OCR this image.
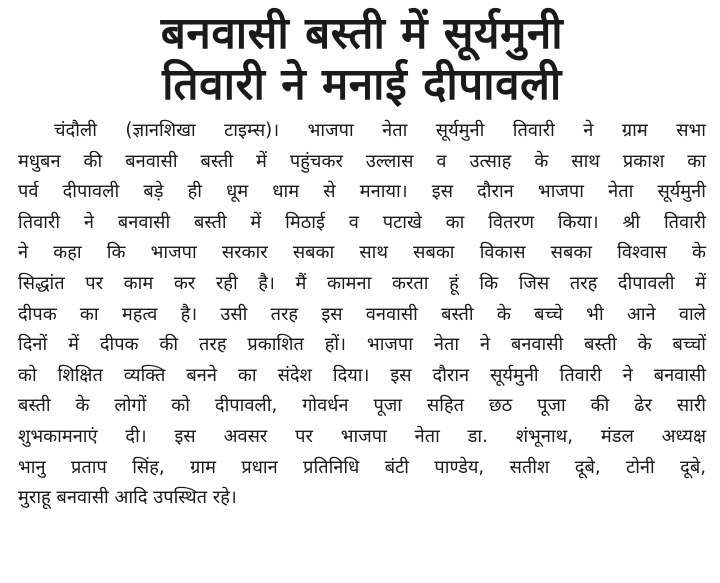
बनवासी बस्ती में सूर्यमुनी
तिवारी ने मनाई दीपावली
चंदौली (ज्ञानशिखा टाइम्स)। भाजपा नेता सूर्यमुनी तिवारी ने ग्राम सभा
मधुबन की बनवासी बस्ती में पहुंचकर उल्लास व उत्साह के साथ प्रकाश का
पर्व दीपावली बड़े ही धूम धाम से मनाया। इस दौरान भाजपा नेता सूर्यमुनी
तिवारी ने बनवासी बस्ती में मिठाई व पटाखे का वितरण किया। श्री तिवारी
ने कहा कि भाजपा सरकार सबका साथ सबका विकास सबका विश्वास के
सिद्धांत पर काम कर रही है। मैं कामना करता हूं कि जिस तरह दीपावली में
दीपक का महत्व है। उसी तरह इस वनवासी बस्ती के बच्चे भी आने वाले
दिनों में दीपक की तरह प्रकाशित हों। भाजपा नेता ने बनवासी बस्ती के बच्चों
को शिक्षित व्यक्ति बनने का संदेश दिया। इस दौरान सूर्यमुनी तिवारी ने बनवासी
बस्ती के लोगों को दीपावली, गोवर्धन पूजा सहित छठ पूजा की ढेर सारी
शुभकामनाएं दी। इस अवसर पर भाजपा नेता डा. शंभूनाथ, मंडल अध्यक्ष
भानु प्रताप सिंह, ग्राम प्रधान प्रतिनिधि बंटी पाण्डेय, सतीश दूबे, टोनी दूबे,
मुराहू बनवासी आदि उपस्थित रहे।
